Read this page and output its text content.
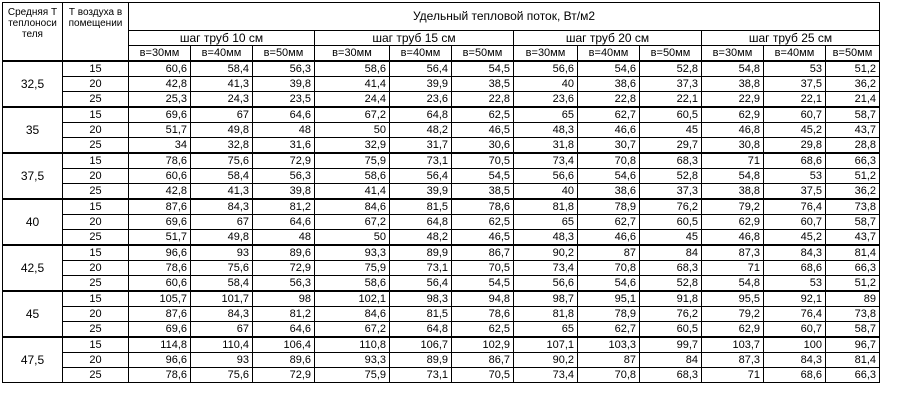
Средняя Т теплоноси теля	Т воздуха в помещении	Удельный тепловой поток, Вт/м2											
		шаг труб 10 см			шаг труб 15 см			шаг труб 20 см			шаг труб 25 см		
		в=30мм	в=40мм	в=50мм	в=30мм	в=40мм	в=50мм	в=30мм	в=40мм	в=50мм	в=30мм	в=40мм	в=50мм
32,5	15	60,6	58,4	56,3	58,6	56,4	54,5	56,6	54,6	52,8	54,8	53	51,2
	20	42,8	41,3	39,8	41,4	39,9	38,5	40	38,6	37,3	38,8	37,5	36,2
	25	25,3	24,3	23,5	24,4	23,6	22,8	23,6	22,8	22,1	22,9	22,1	21,4
35	15	69,6	67	64,6	67,2	64,8	62,5	65	62,7	60,5	62,9	60,7	58,7
	20	51,7	49,8	48	50	48,2	46,5	48,3	46,6	45	46,8	45,2	43,7
	25	34	32,8	31,6	32,9	31,7	30,6	31,8	30,7	29,7	30,8	29,8	28,8
37,5	15	78,6	75,6	72,9	75,9	73,1	70,5	73,4	70,8	68,3	71	68,6	66,3
	20	60,6	58,4	56,3	58,6	56,4	54,5	56,6	54,6	52,8	54,8	53	51,2
	25	42,8	41,3	39,8	41,4	39,9	38,5	40	38,6	37,3	38,8	37,5	36,2
40	15	87,6	84,3	81,2	84,6	81,5	78,6	81,8	78,9	76,2	79,2	76,4	73,8
	20	69,6	67	64,6	67,2	64,8	62,5	65	62,7	60,5	62,9	60,7	58,7
	25	51,7	49,8	48	50	48,2	46,5	48,3	46,6	45	46,8	45,2	43,7
42,5	15	96,6	93	89,6	93,3	89,9	86,7	90,2	87	84	87,3	84,3	81,4
	20	78,6	75,6	72,9	75,9	73,1	70,5	73,4	70,8	68,3	71	68,6	66,3
	25	60,6	58,4	56,3	58,6	56,4	54,5	56,6	54,6	52,8	54,8	53	51,2
45	15	105,7	101,7	98	102,1	98,3	94,8	98,7	95,1	91,8	95,5	92,1	89
	20	87,6	84,3	81,2	84,6	81,5	78,6	81,8	78,9	76,2	79,2	76,4	73,8
	25	69,6	67	64,6	67,2	64,8	62,5	65	62,7	60,5	62,9	60,7	58,7
47,5	15	114,8	110,4	106,4	110,8	106,7	102,9	107,1	103,3	99,7	103,7	100	96,7
	20	96,6	93	89,6	93,3	89,9	86,7	90,2	87	84	87,3	84,3	81,4
	25	78,6	75,6	72,9	75,9	73,1	70,5	73,4	70,8	68,3	71	68,6	66,3
